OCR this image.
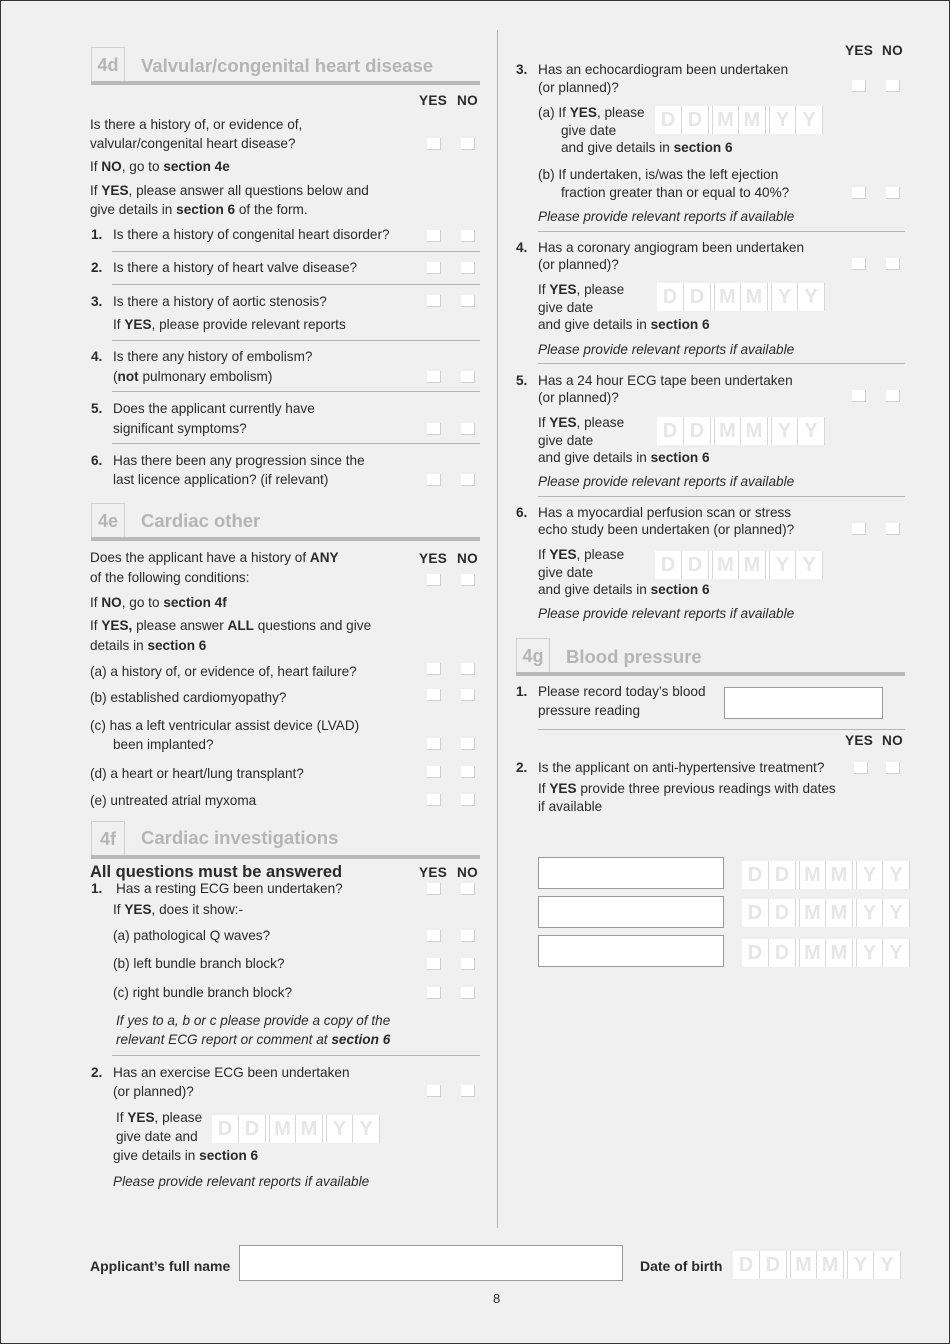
4d	Valvular/congenital heart disease
YES NO
Is there a history of, or evidence of,
valvular/congenital heart disease?
If NO, go to section 4e
If YES, please answer all questions below and
give details in section 6 of the form.
1. Is there a history of congenital heart disorder?
2. Is there a history of heart valve disease?
3. Is there a history of aortic stenosis?
If YES, please provide relevant reports
4. Is there any history of embolism?
(not pulmonary embolism)
5. Does the applicant currently have
significant symptoms?
6. Has there been any progression since the
last licence application? (if relevant)
4e	Cardiac other
Does the applicant have a history of ANY	YES NO
of the following conditions:
If NO, go to section 4f
If YES, please answer ALL questions and give
details in section 6
(a) a history of, or evidence of, heart failure?
(b) established cardiomyopathy?
(c) has a left ventricular assist device (LVAD)
been implanted?
(d) a heart or heart/lung transplant?
(e) untreated atrial myxoma
4f	Cardiac investigations
All questions must be answered	YES NO
1. Has a resting ECG been undertaken?
If YES, does it show:-
(a) pathological Q waves?
(b) left bundle branch block?
(c) right bundle branch block?
If yes to a, b or c please provide a copy of the
relevant ECG report or comment at section 6
2. Has an exercise ECG been undertaken
(or planned)?
If YES, please
give date and D D M M Y Y
give details in section 6
Please provide relevant reports if available
YES NO
3. Has an echocardiogram been undertaken
(or planned)?
(a) If YES, please
give date D D M M Y Y
and give details in section 6
(b) If undertaken, is/was the left ejection
fraction greater than or equal to 40%?
Please provide relevant reports if available
4. Has a coronary angiogram been undertaken
(or planned)?
If YES, please
give date	D D M M Y Y
and give details in section 6
Please provide relevant reports if available
5. Has a 24 hour ECG tape been undertaken
(or planned)?
If YES, please
give date	D D M M Y Y
and give details in section 6
Please provide relevant reports if available
6. Has a myocardial perfusion scan or stress
echo study been undertaken (or planned)?
If YES, please
give date	D D M M Y Y
and give details in section 6
Please provide relevant reports if available
4g	Blood pressure
1. Please record today’s blood
pressure reading
YES NO
2. Is the applicant on anti-hypertensive treatment?
If YES provide three previous readings with dates
if available
D D M M Y Y
D D M M Y Y
D D M M Y Y
Applicant’s full name	Date of birth D D M M Y Y
8
